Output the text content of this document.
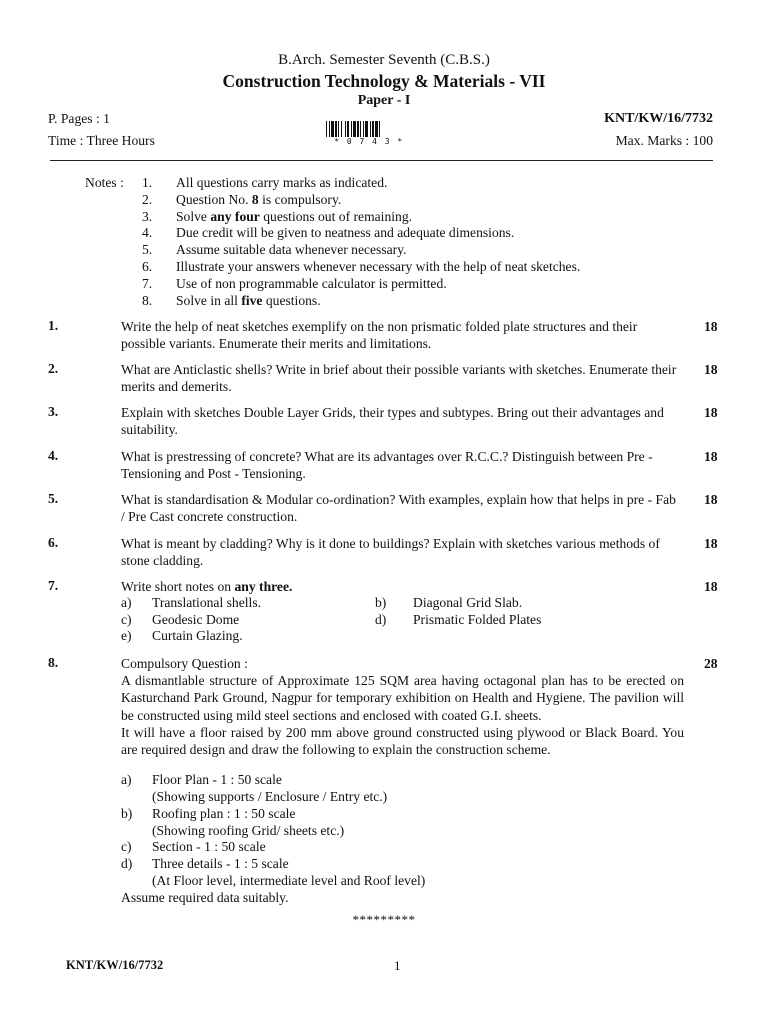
B.Arch. Semester Seventh (C.B.S.)
Construction Technology & Materials - VII
Paper - I
P. Pages : 1	KNT/KW/16/7732
Time : Three Hours	Max. Marks : 100
* 0 7 4 3 *
Notes : 1. All questions carry marks as indicated.
2. Question No. 8 is compulsory.
3. Solve any four questions out of remaining.
4. Due credit will be given to neatness and adequate dimensions.
5. Assume suitable data whenever necessary.
6. Illustrate your answers whenever necessary with the help of neat sketches.
7. Use of non programmable calculator is permitted.
8. Solve in all five questions.
1.	Write the help of neat sketches exemplify on the non prismatic folded plate structures and their possible variants. Enumerate their merits and limitations.
18
2.	What are Anticlastic shells? Write in brief about their possible variants with sketches. Enumerate their merits and demerits.
18
3.	Explain with sketches Double Layer Grids, their types and subtypes. Bring out their advantages and suitability.
18
4.	What is prestressing of concrete? What are its advantages over R.C.C.? Distinguish between Pre - Tensioning and Post - Tensioning.
18
5.	What is standardisation & Modular co-ordination? With examples, explain how that helps in pre - Fab / Pre Cast concrete construction.
18
6.	What is meant by cladding? Why is it done to buildings? Explain with sketches various methods of stone cladding.
18
7.	Write short notes on any three.	18
a) Translational shells.	b) Diagonal Grid Slab.
c) Geodesic Dome	d) Prismatic Folded Plates
e) Curtain Glazing.
8.	Compulsory Question :
A dismantlable structure of Approximate 125 SQM area having octagonal plan has to be erected on Kasturchand Park Ground, Nagpur for temporary exhibition on Health and Hygiene. The pavilion will be constructed using mild steel sections and enclosed with coated G.I. sheets.
It will have a floor raised by 200 mm above ground constructed using plywood or Black Board. You are required design and draw the following to explain the construction scheme.
28
a) Floor Plan - 1 : 50 scale
(Showing supports / Enclosure / Entry etc.)
b) Roofing plan : 1 : 50 scale
(Showing roofing Grid/ sheets etc.)
c) Section - 1 : 50 scale
d) Three details - 1 : 5 scale
(At Floor level, intermediate level and Roof level)
Assume required data suitably.
*********
KNT/KW/16/7732	1
